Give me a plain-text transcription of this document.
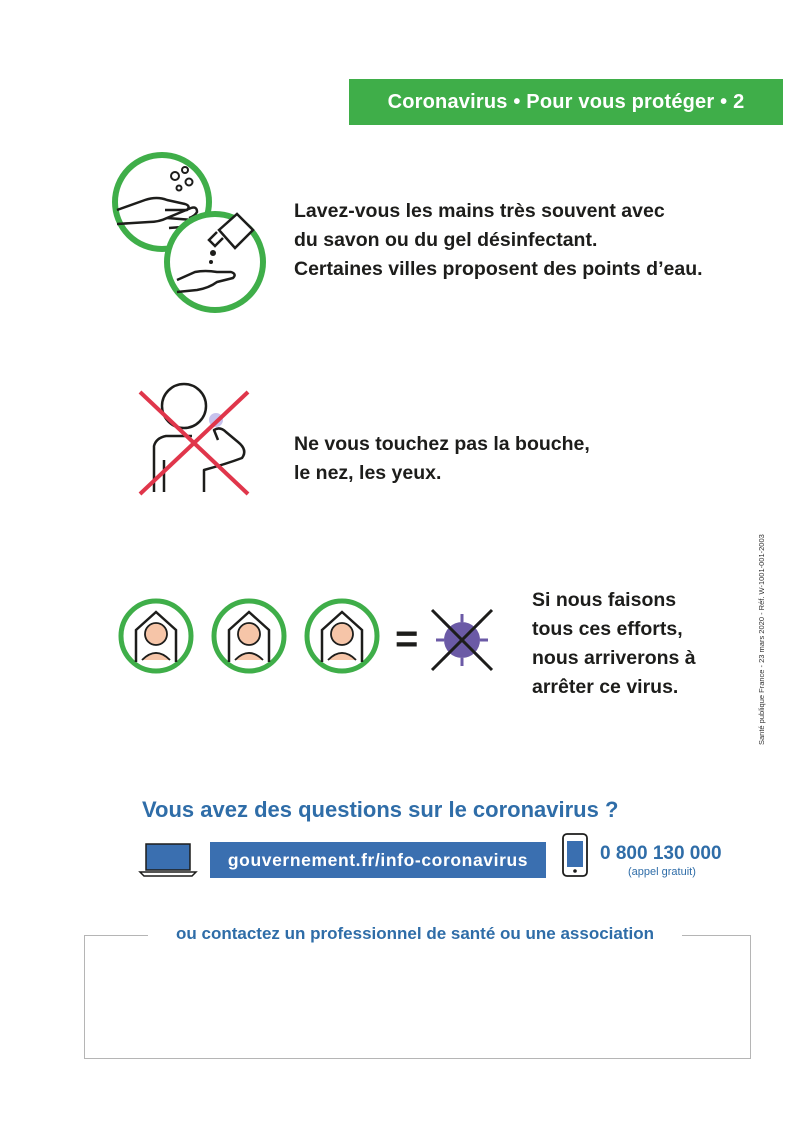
Coronavirus • Pour vous protéger • 2
Lavez-vous les mains très souvent avec
du savon ou du gel désinfectant.
Certaines villes proposent des points d’eau.
Ne vous touchez pas la bouche,
le nez, les yeux.
=
Si nous faisons
tous ces efforts,
nous arriverons à
arrêter ce virus.	Santé publique France - 23 mars 2020 - Réf. W-1001-001-2003
Vous avez des questions sur le coronavirus ?
gouvernement.fr/info-coronavirus	0 800 130 000
(appel gratuit)
ou contactez un professionnel de santé ou une association
